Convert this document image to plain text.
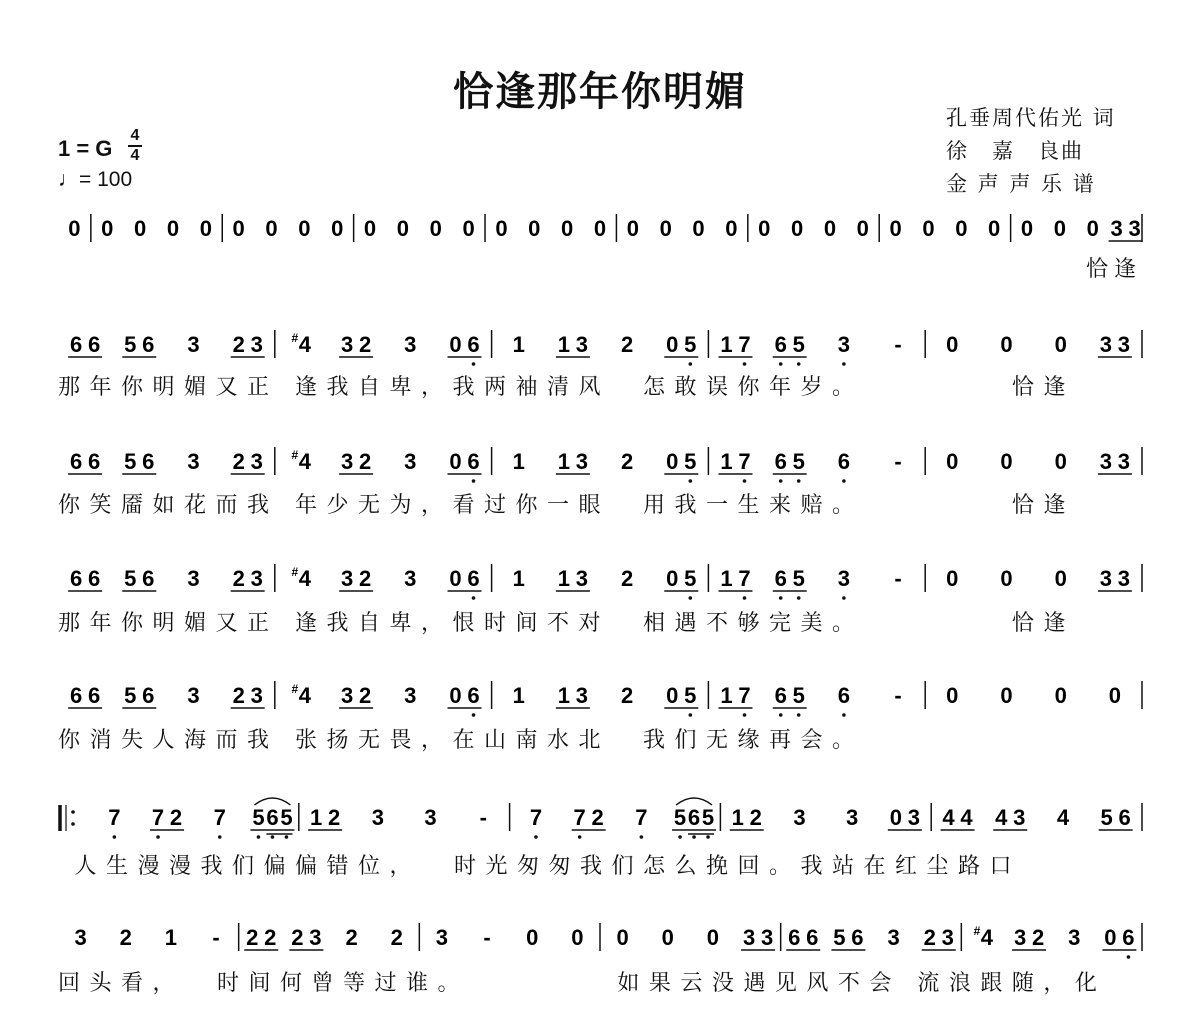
恰逢那年你明媚
孔垂周代佑光 词
徐　嘉　良曲
金 声 声 乐 谱
1 = G
4
4
♩= 100
0 0 0 0 0 0 0 0 0 0 0 0 0 0 0 0 0 0 0 0 0 0 0 0 0 0 0 0 0 0 0 0 3 3
6 6 5 6 3 2 3 # 4 3 2 3 0 6 1 1 3 2 0 5 1 7 6 5 3 - 0 0 0 3 3
6 6 5 6 3 2 3 # 4 3 2 3 0 6 1 1 3 2 0 5 1 7 6 5 6 - 0 0 0 3 3
6 6 5 6 3 2 3 # 4 3 2 3 0 6 1 1 3 2 0 5 1 7 6 5 3 - 0 0 0 3 3
6 6 5 6 3 2 3 # 4 3 2 3 0 6 1 1 3 2 0 5 1 7 6 5 6 - 0 0 0 0
7 7 2 7 5 6 5 1 2 3 3 - 7 7 2 7 5 6 5 1 2 3 3 0 3 4 4 4 3 4 5 6
3 2 1 - 2 2 2 3 2 2 3 - 0 0 0 0 0 3 3 6 6 5 6 3 2 3 # 4 3 2 3 0 6
恰逢
那年你明媚又正 逢我自卑，我两袖清风  怎敢误你年岁。         恰逢
你笑靥如花而我 年少无为，看过你一眼  用我一生来赔。         恰逢
那年你明媚又正 逢我自卑，恨时间不对  相遇不够完美。         恰逢
你消失人海而我 张扬无畏，在山南水北  我们无缘再会。
人生漫漫我们偏偏错位，  时光匆匆我们怎么挽回。我站在红尘路口
回头看，  时间何曾等过谁。         如果云没遇见风不会 流浪跟随，化
